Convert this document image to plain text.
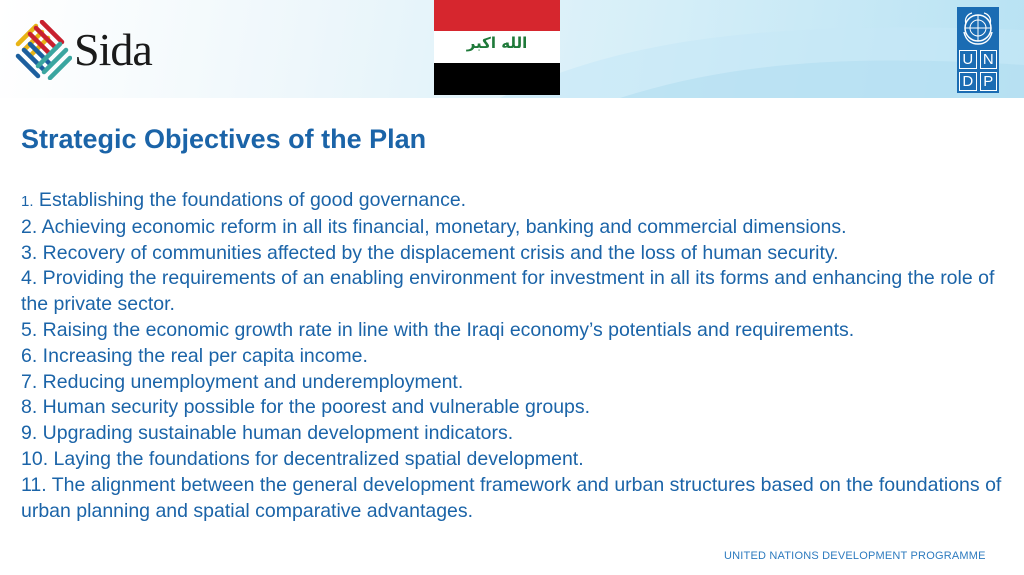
Sida	الله اكبر
U N
D P
Strategic Objectives of the Plan
1. Establishing the foundations of good governance.
2. Achieving economic reform in all its financial, monetary, banking and commercial dimensions.
3. Recovery of communities affected by the displacement crisis and the loss of human security.
4. Providing the requirements of an enabling environment for investment in all its forms and enhancing the role of the private sector.
5. Raising the economic growth rate in line with the Iraqi economy’s potentials and requirements.
6. Increasing the real per capita income.
7. Reducing unemployment and underemployment.
8. Human security possible for the poorest and vulnerable groups.
9. Upgrading sustainable human development indicators.
10. Laying the foundations for decentralized spatial development.
11. The alignment between the general development framework and urban structures based on the foundations of urban planning and spatial comparative advantages.
UNITED NATIONS DEVELOPMENT PROGRAMME
